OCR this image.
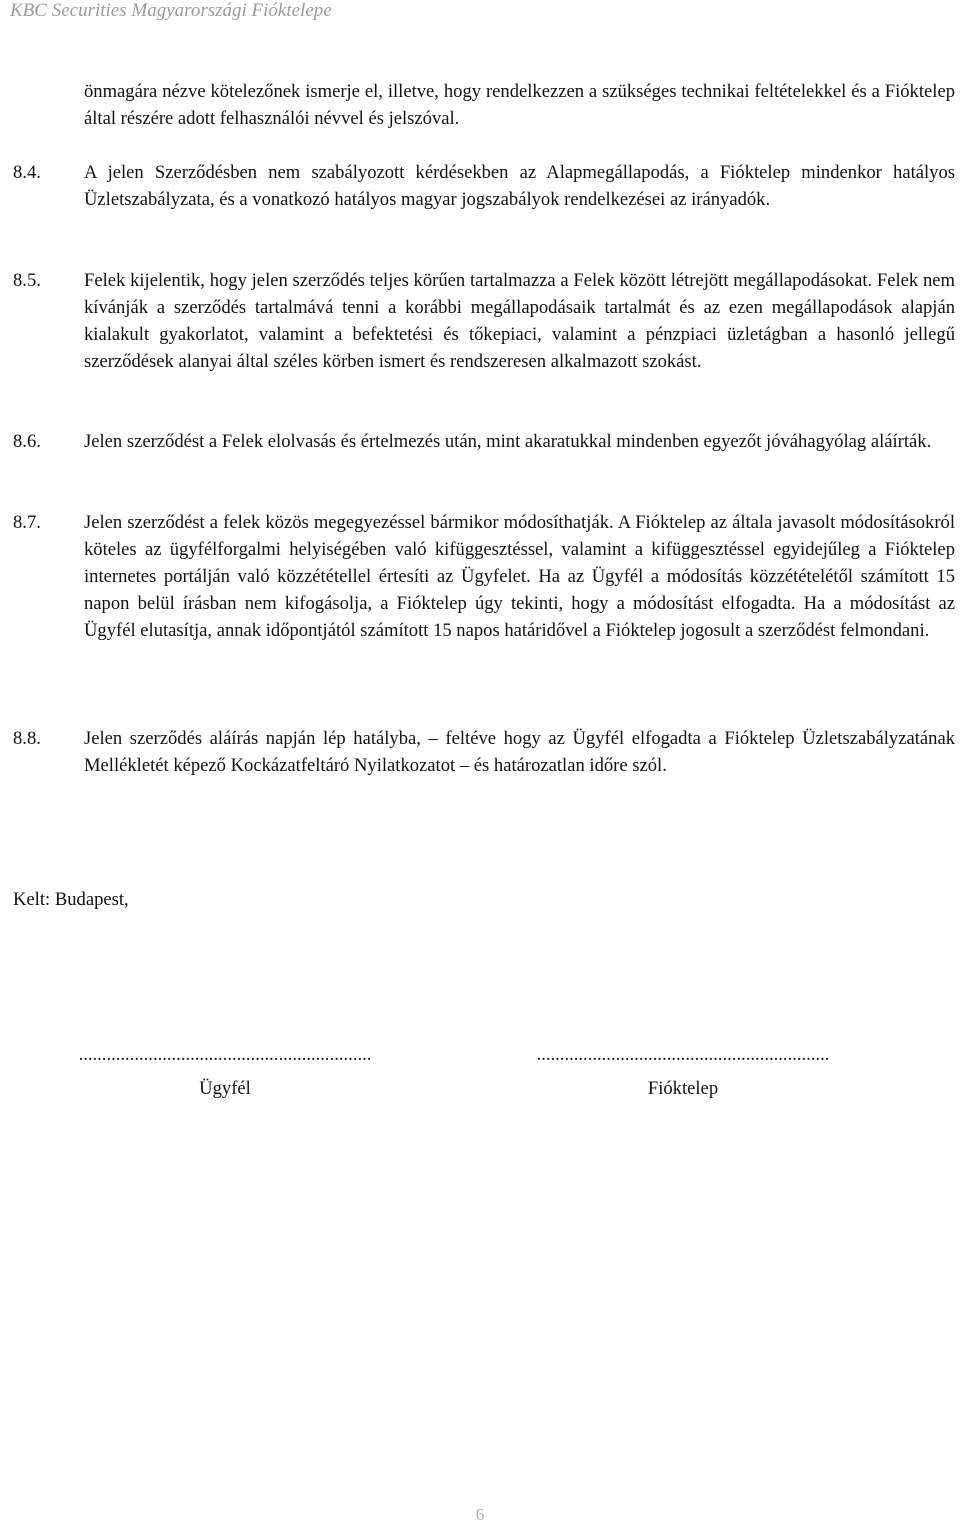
KBC Securities Magyarországi Fióktelepe
önmagára nézve kötelezőnek ismerje el, illetve, hogy rendelkezzen a szükséges technikai feltételekkel és a Fióktelep által részére adott felhasználói névvel és jelszóval.
8.4. A jelen Szerződésben nem szabályozott kérdésekben az Alapmegállapodás, a Fióktelep mindenkor hatályos Üzletszabályzata, és a vonatkozó hatályos magyar jogszabályok rendelkezései az irányadók.
8.5. Felek kijelentik, hogy jelen szerződés teljes körűen tartalmazza a Felek között létrejött megállapodásokat. Felek nem kívánják a szerződés tartalmává tenni a korábbi megállapodásaik tartalmát és az ezen megállapodások alapján kialakult gyakorlatot, valamint a befektetési és tőkepiaci, valamint a pénzpiaci üzletágban a hasonló jellegű szerződések alanyai által széles körben ismert és rendszeresen alkalmazott szokást.
8.6. Jelen szerződést a Felek elolvasás és értelmezés után, mint akaratukkal mindenben egyezőt jóváhagyólag aláírták.
8.7. Jelen szerződést a felek közös megegyezéssel bármikor módosíthatják. A Fióktelep az általa javasolt módosításokról köteles az ügyfélforgalmi helyiségében való kifüggesztéssel, valamint a kifüggesztéssel egyidejűleg a Fióktelep internetes portálján való közzététellel értesíti az Ügyfelet. Ha az Ügyfél a módosítás közzétételétől számított 15 napon belül írásban nem kifogásolja, a Fióktelep úgy tekinti, hogy a módosítást elfogadta. Ha a módosítást az Ügyfél elutasítja, annak időpontjától számított 15 napos határidővel a Fióktelep jogosult a szerződést felmondani.
8.8. Jelen szerződés aláírás napján lép hatályba, – feltéve hogy az Ügyfél elfogadta a Fióktelep Üzletszabályzatának Mellékletét képező Kockázatfeltáró Nyilatkozatot – és határozatlan időre szól.
Kelt: Budapest,
...............................................................
Ügyfél
...............................................................
Fióktelep
6
